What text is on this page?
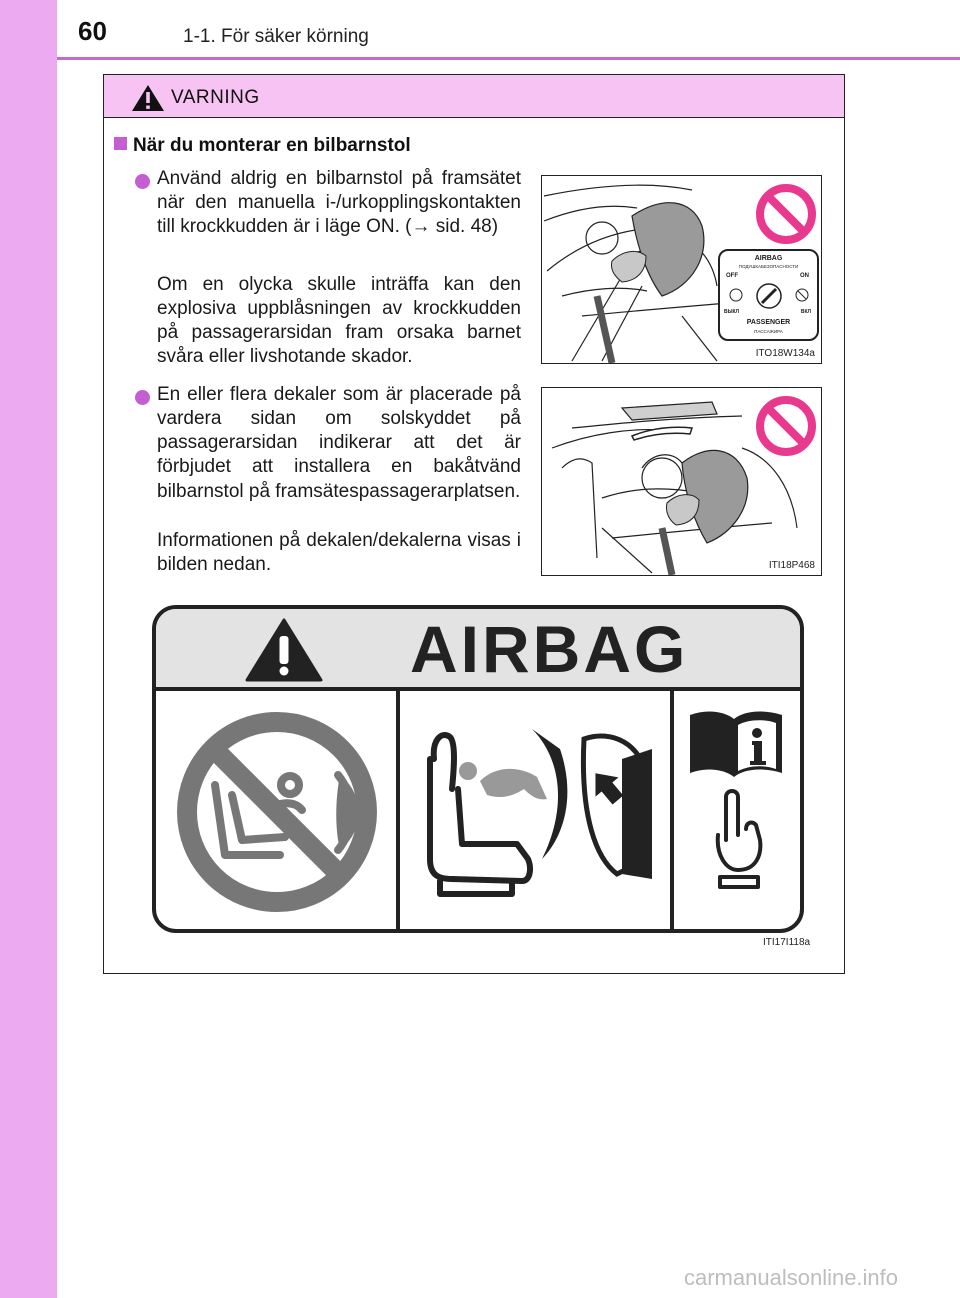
60	1-1. För säker körning
VARNING
När du monterar en bilbarnstol
Använd aldrig en bilbarnstol på framsätet när den manuella i-/urkopplingskontakten till krockkudden är i läge ON. (→ sid. 48)
Om en olycka skulle inträffa kan den explosiva uppblåsningen av krockkudden på passagerarsidan fram orsaka barnet svåra eller livshotande skador.
AIRBAG
ПОДУШКАБЕЗОПАСНОСТИ
OFF	ON
ВЫКЛ	ВКЛ
PASSENGER
ПАССАЖИРА
ITO18W134a
En eller flera dekaler som är placerade på vardera sidan om solskyddet på passagerarsidan indikerar att det är förbjudet att installera en bakåtvänd bilbarnstol på framsätespassagerarplatsen.
Informationen på dekalen/dekalerna visas i bilden nedan.	ITI18P468
AIRBAG
ITI17I118a
carmanualsonline.info
